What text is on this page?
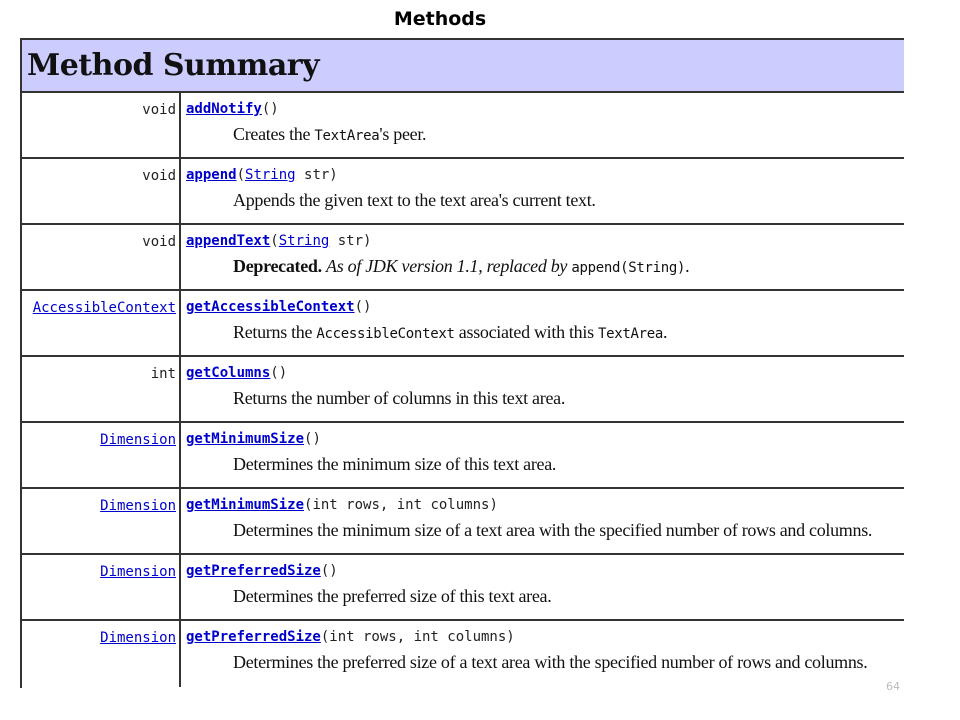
Methods
Method Summary
void addNotify()
Creates the TextArea's peer.
void append(String str)
Appends the given text to the text area's current text.
void appendText(String str)
Deprecated. As of JDK version 1.1, replaced by append(String).
AccessibleContext getAccessibleContext()
Returns the AccessibleContext associated with this TextArea.
int getColumns()
Returns the number of columns in this text area.
Dimension getMinimumSize()
Determines the minimum size of this text area.
Dimension getMinimumSize(int rows, int columns)
Determines the minimum size of a text area with the specified number of rows and columns.
Dimension getPreferredSize()
Determines the preferred size of this text area.
Dimension getPreferredSize(int rows, int columns)
Determines the preferred size of a text area with the specified number of rows and columns.
64
